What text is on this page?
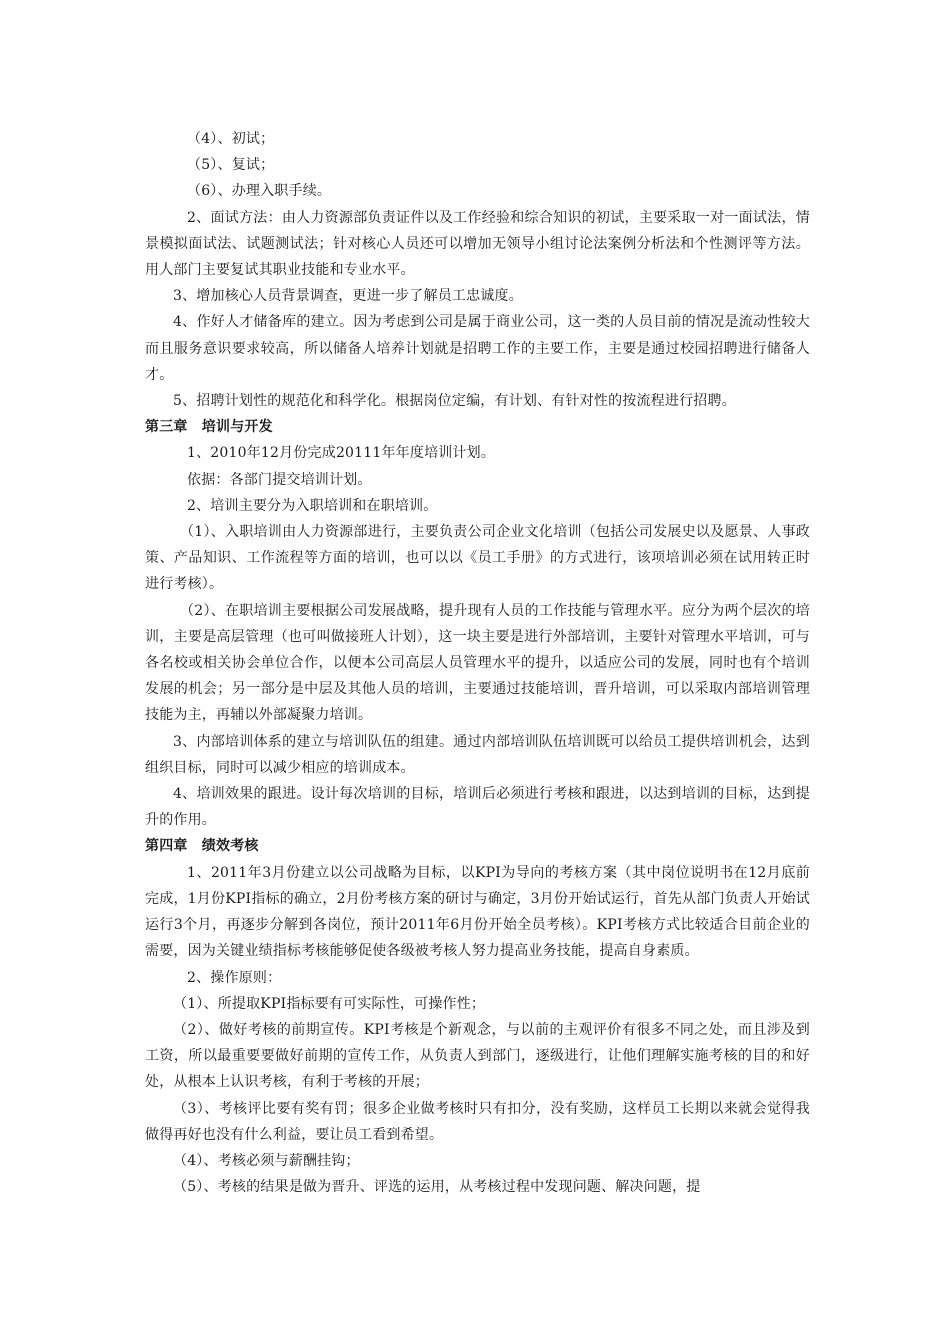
（4）、初试；

（5）、复试；

（6）、办理入职手续。

2、面试方法：由人力资源部负责证件以及工作经验和综合知识的初试，主要采取一对一面试法，情景模拟面试法、试题测试法；针对核心人员还可以增加无领导小组讨论法案例分析法和个性测评等方法。用人部门主要复试其职业技能和专业水平。

3、增加核心人员背景调查，更进一步了解员工忠诚度。

4、作好人才储备库的建立。因为考虑到公司是属于商业公司，这一类的人员目前的情况是流动性较大而且服务意识要求较高，所以储备人培养计划就是招聘工作的主要工作，主要是通过校园招聘进行储备人才。

5、招聘计划性的规范化和科学化。根据岗位定编，有计划、有针对性的按流程进行招聘。

第三章　培训与开发

1、2010年12月份完成20111年年度培训计划。

依据：各部门提交培训计划。

2、培训主要分为入职培训和在职培训。

（1）、入职培训由人力资源部进行，主要负责公司企业文化培训（包括公司发展史以及愿景、人事政策、产品知识、工作流程等方面的培训，也可以以《员工手册》的方式进行，该项培训必须在试用转正时进行考核）。

（2）、在职培训主要根据公司发展战略，提升现有人员的工作技能与管理水平。应分为两个层次的培训，主要是高层管理（也可叫做接班人计划），这一块主要是进行外部培训，主要针对管理水平培训，可与各名校或相关协会单位合作，以便本公司高层人员管理水平的提升，以适应公司的发展，同时也有个培训发展的机会；另一部分是中层及其他人员的培训，主要通过技能培训，晋升培训，可以采取内部培训管理技能为主，再辅以外部凝聚力培训。

3、内部培训体系的建立与培训队伍的组建。通过内部培训队伍培训既可以给员工提供培训机会，达到组织目标，同时可以减少相应的培训成本。

4、培训效果的跟进。设计每次培训的目标，培训后必须进行考核和跟进，以达到培训的目标，达到提升的作用。

第四章　绩效考核

1、2011年3月份建立以公司战略为目标，以KPI为导向的考核方案（其中岗位说明书在12月底前完成，1月份KPI指标的确立，2月份考核方案的研讨与确定，3月份开始试运行，首先从部门负责人开始试运行3个月，再逐步分解到各岗位，预计2011年6月份开始全员考核）。KPI考核方式比较适合目前企业的需要，因为关键业绩指标考核能够促使各级被考核人努力提高业务技能，提高自身素质。

2、操作原则：

（1）、所提取KPI指标要有可实际性，可操作性；

（2）、做好考核的前期宣传。KPI考核是个新观念，与以前的主观评价有很多不同之处，而且涉及到工资，所以最重要要做好前期的宣传工作，从负责人到部门，逐级进行，让他们理解实施考核的目的和好处，从根本上认识考核，有利于考核的开展；

（3）、考核评比要有奖有罚；很多企业做考核时只有扣分，没有奖励，这样员工长期以来就会觉得我做得再好也没有什么利益，要让员工看到希望。

（4）、考核必须与薪酬挂钩；

（5）、考核的结果是做为晋升、评选的运用，从考核过程中发现问题、解决问题，提
